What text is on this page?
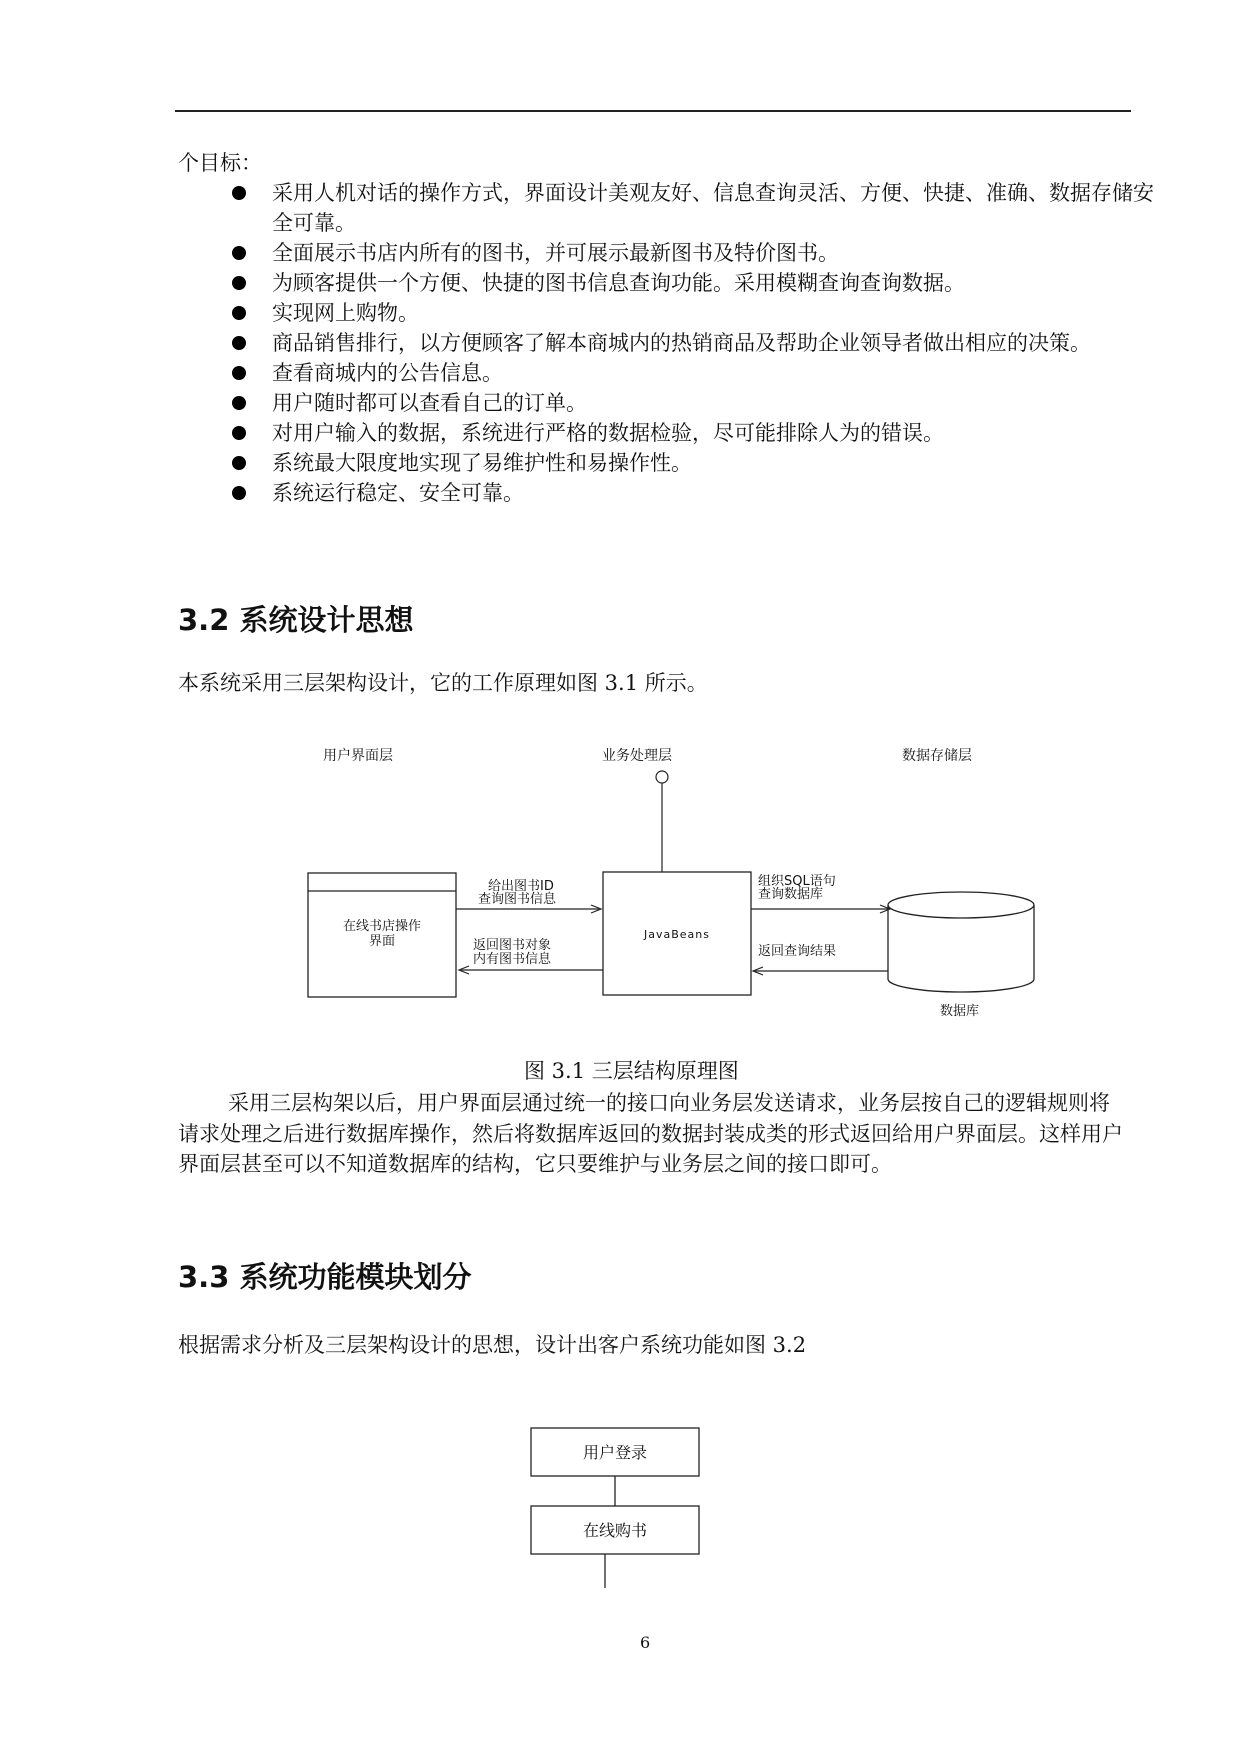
个目标：
采用人机对话的操作方式，界面设计美观友好、信息查询灵活、方便、快捷、准确、数据存储安全可靠。
全面展示书店内所有的图书，并可展示最新图书及特价图书。
为顾客提供一个方便、快捷的图书信息查询功能。采用模糊查询查询数据。
实现网上购物。
商品销售排行，以方便顾客了解本商城内的热销商品及帮助企业领导者做出相应的决策。
查看商城内的公告信息。
用户随时都可以查看自己的订单。
对用户输入的数据，系统进行严格的数据检验，尽可能排除人为的错误。
系统最大限度地实现了易维护性和易操作性。
系统运行稳定、安全可靠。
3.2 系统设计思想
本系统采用三层架构设计，它的工作原理如图 3.1 所示。
用户界面层	业务处理层	数据存储层
在线书店操作
界面	JavaBeans
给出图书ID
查询图书信息
返回图书对象
内有图书信息
组织SQL语句
查询数据库
返回查询结果
数据库
图 3.1 三层结构原理图
采用三层构架以后，用户界面层通过统一的接口向业务层发送请求，业务层按自己的逻辑规则将请求处理之后进行数据库操作，然后将数据库返回的数据封装成类的形式返回给用户界面层。这样用户界面层甚至可以不知道数据库的结构，它只要维护与业务层之间的接口即可。
3.3 系统功能模块划分
根据需求分析及三层架构设计的思想，设计出客户系统功能如图 3.2
用户登录
在线购书
6
